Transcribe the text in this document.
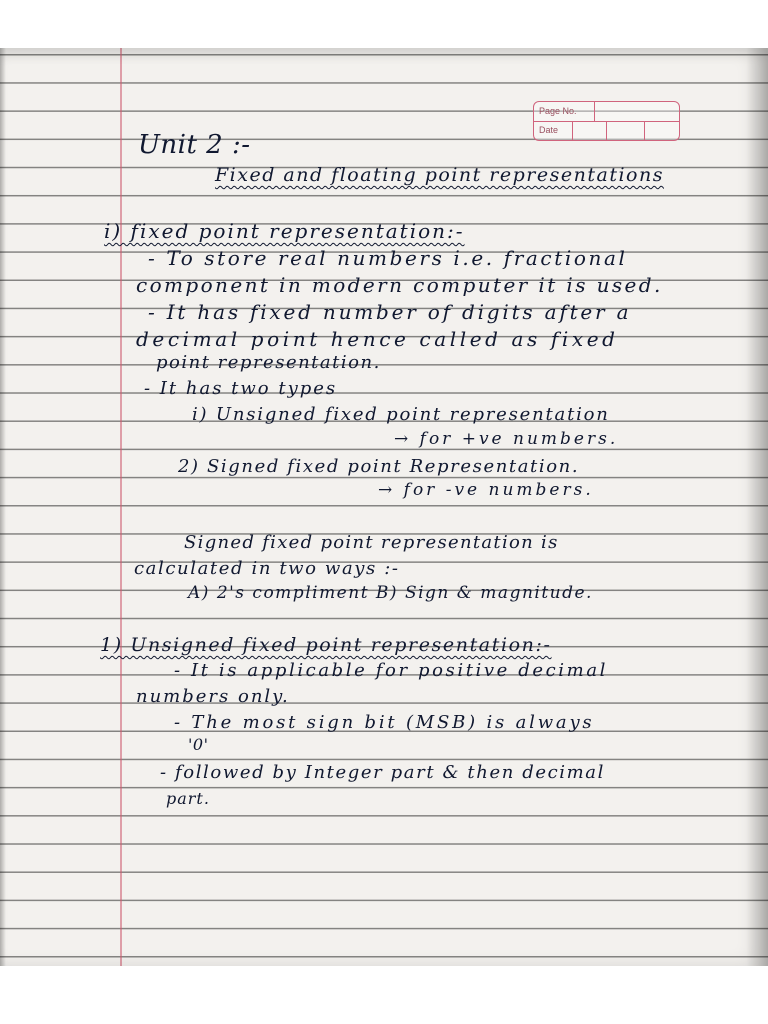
Page No.
Date
Unit 2 :-
Fixed and floating point representations
i) fixed point representation:-
- To store real numbers i.e. fractional
component in modern computer it is used.
- It has fixed number of digits after a
decimal point hence called as fixed
point representation.
- It has two types
i) Unsigned fixed point representation
→ for +ve numbers.
2) Signed fixed point Representation.
→ for -ve numbers.
Signed fixed point representation is
calculated in two ways :-
A) 2's compliment B) Sign & magnitude.
1) Unsigned fixed point representation:-
- It is applicable for positive decimal
numbers only.
- The most sign bit (MSB) is always
'0'
- followed by Integer part & then decimal
part.
